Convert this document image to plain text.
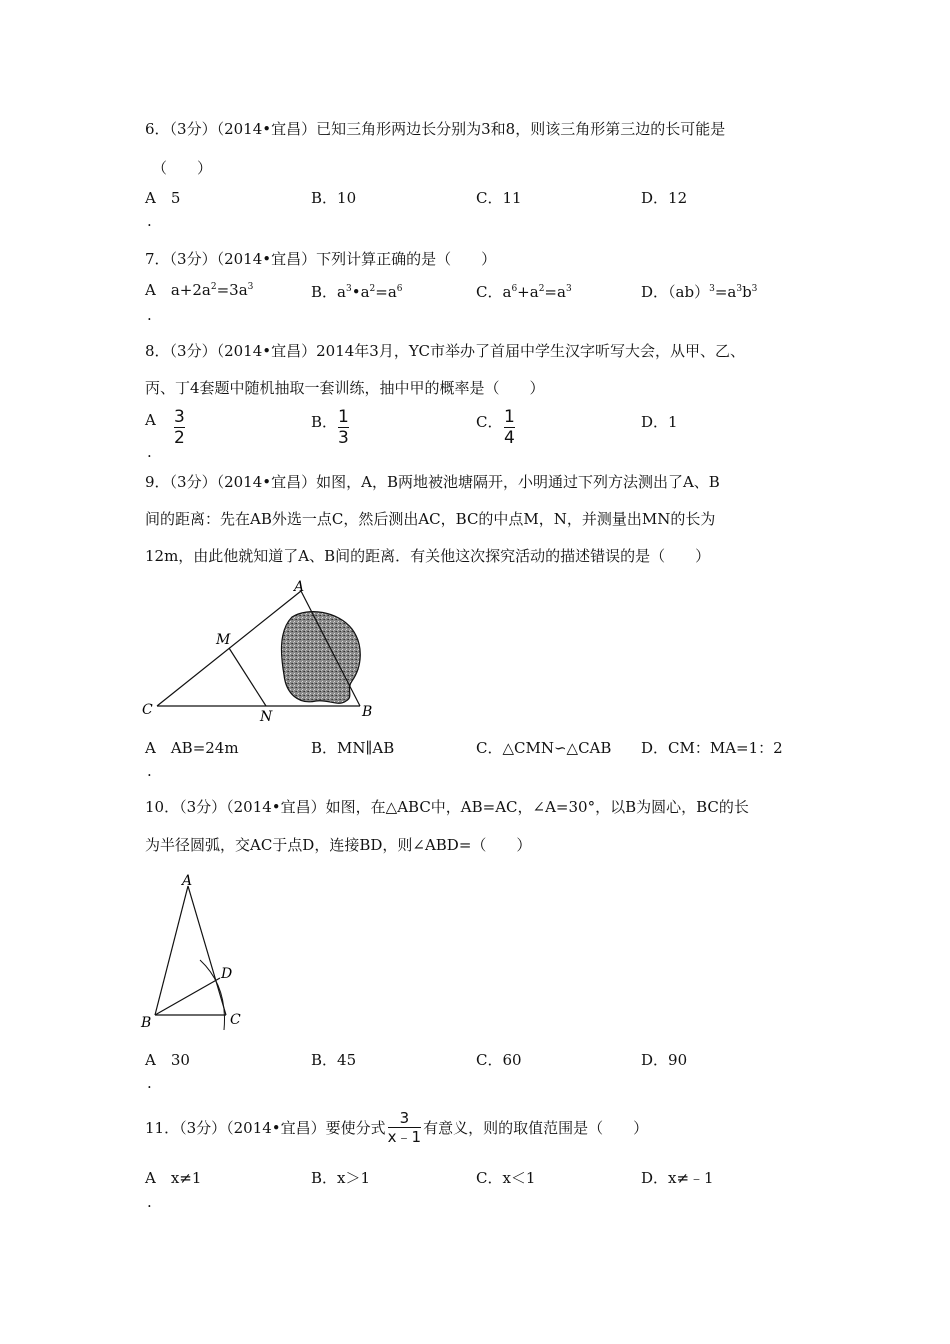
6．（3分）（2014•宜昌）已知三角形两边长分别为3和8，则该三角形第三边的长可能是
（　　）
A　5	B．10	C．11	D．12
.
7．（3分）（2014•宜昌）下列计算正确的是（　　）
A $a+2a^2=3a^3$	B．$a^3•a^2=a^6$	C．$a^6+a^2=a^3$	D．$(ab)^3=a^3b^3$
.
8．（3分）（2014•宜昌）2014年3月，YC市举办了首届中学生汉字听写大会，从甲、乙、
丙、丁4套题中随机抽取一套训练，抽中甲的概率是（　　）
A $\frac{3}{2}$	B． $\frac{1}{3}$	C． $\frac{1}{4}$	D．1
.
9．（3分）（2014•宜昌）如图，A，B两地被池塘隔开，小明通过下列方法测出了A、B
间的距离：先在AB外选一点C，然后测出AC，BC的中点M，N，并测量出MN的长为
12m，由此他就知道了A、B间的距离．有关他这次探究活动的描述错误的是（　　）
A
B
C
M
N
A　AB=24m	B．MN∥AB	C．△CMN∽△CAB D．CM：MA=1：2
.
10．（3分）（2014•宜昌）如图，在△ABC中，AB=AC，∠A=30°，以B为圆心，BC的长
为半径圆弧，交AC于点D，连接BD，则∠ABD=（　　）
A
B	C
D
A　30	B．45	C．60	D．90
.
11．（3分）（2014•宜昌）要使分式 $\frac{3}{x﹣1}$ 有意义，则的取值范围是（　　）
A　x≠1	B．x＞1	C．x＜1	D．x≠﹣1
.
